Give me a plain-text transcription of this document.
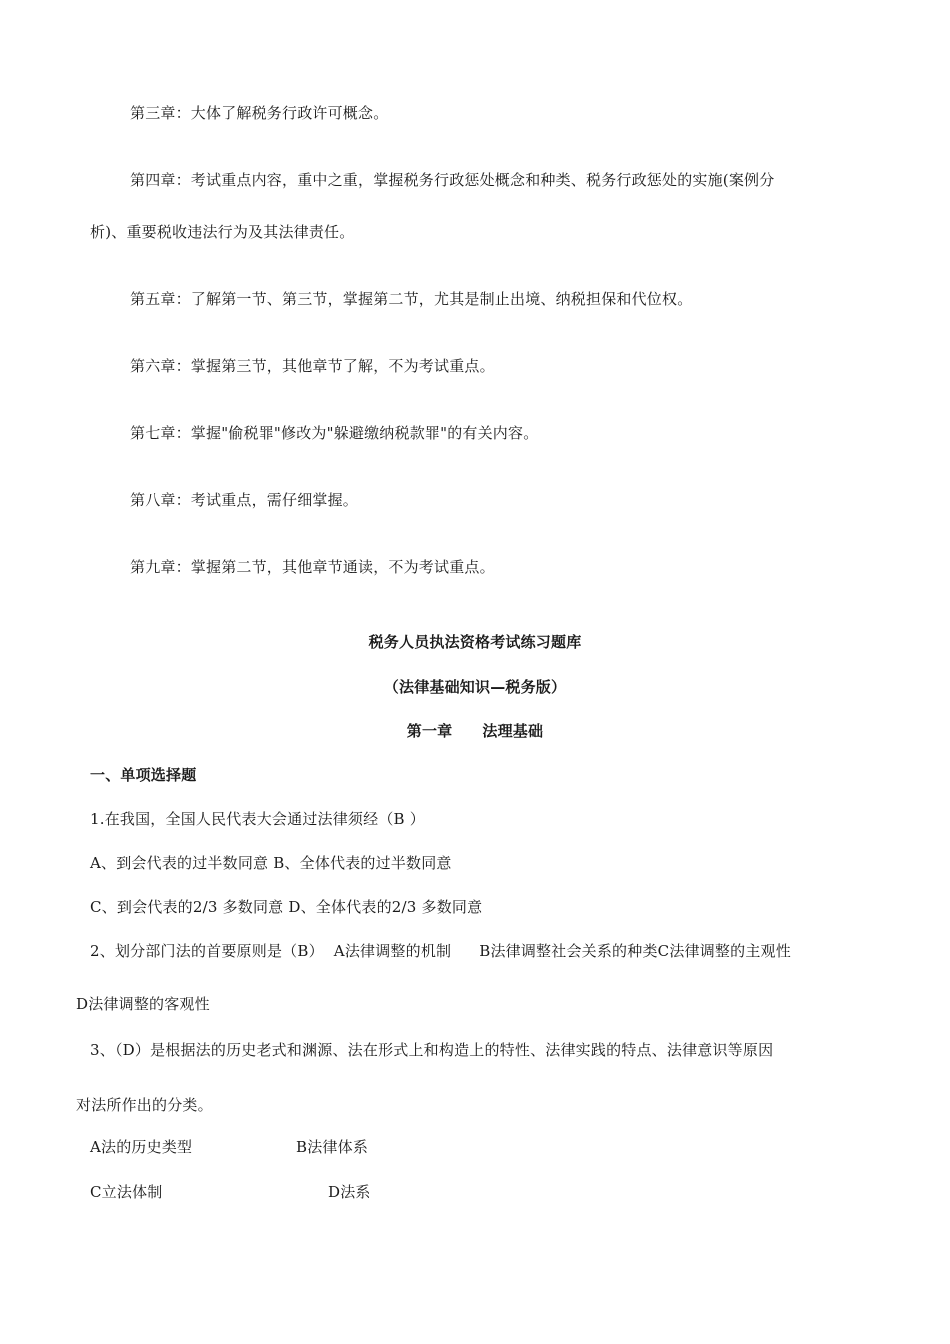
第三章：大体了解税务行政许可概念。
第四章：考试重点内容，重中之重，掌握税务行政惩处概念和种类、税务行政惩处的实施(案例分
析)、重要税收违法行为及其法律责任。
第五章：了解第一节、第三节，掌握第二节，尤其是制止出境、纳税担保和代位权。
第六章：掌握第三节，其他章节了解，不为考试重点。
第七章：掌握"偷税罪"修改为"躲避缴纳税款罪"的有关内容。
第八章：考试重点，需仔细掌握。
第九章：掌握第二节，其他章节通读，不为考试重点。
税务人员执法资格考试练习题库
（法律基础知识—税务版）
第一章 法理基础
一、单项选择题
1.在我国，全国人民代表大会通过法律须经（B ）
A、到会代表的过半数同意 B、全体代表的过半数同意
C、到会代表的2/3 多数同意 D、全体代表的2/3 多数同意
2、划分部门法的首要原则是（B） A法律调整的机制 B法律调整社会关系的种类C法律调整的主观性
D法律调整的客观性
3、（D）是根据法的历史老式和渊源、法在形式上和构造上的特性、法律实践的特点、法律意识等原因
对法所作出的分类。
A法的历史类型	B法律体系
C立法体制	D法系
